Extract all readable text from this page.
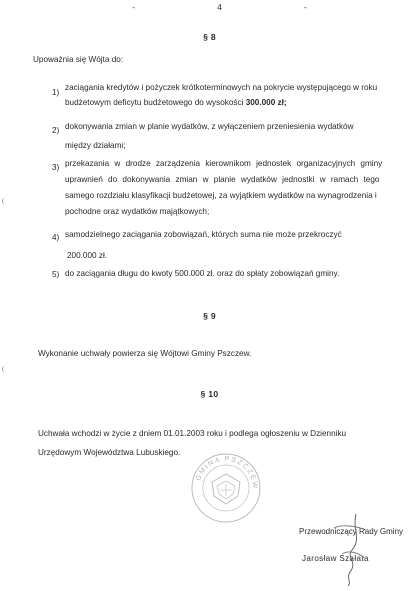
- 4 -
§ 8
Upoważnia się Wójta do:
1)
zaciągania kredytów i pożyczek krótkoterminowych na pokrycie występującego w roku
budżetowym deficytu budżetowego do wysokości 300.000 zł;
2) dokonywania zmian w planie wydatków, z wyłączeniem przeniesienia wydatków
między działami;
3) przekazania w drodze zarządzenia kierownikom jednostek organizacyjnych gminy
uprawnień do dokonywania zmian w planie wydatków jednostki w ramach tego
samego rozdziału klasyfikacji budżetowej, za wyjątkiem wydatków na wynagrodzenia i
pochodne oraz wydatków majątkowych;
4) samodzielnego zaciągania zobowiązań, których suma nie może przekroczyć
200.000 zł.
5) do zaciągania długu do kwoty 500.000 zł. oraz do spłaty zobowiązań gminy.
§ 9
Wykonanie uchwały powierza się Wójtowi Gminy Pszczew.
§ 10
Uchwała wchodzi w życie z dniem 01.01.2003 roku i podlega ogłoszeniu w Dzienniku
Urzędowym Województwa Lubuskiego.
GMINA PSZCZEW
Przewodniczący Rady Gminy
Jarosław Szałata
